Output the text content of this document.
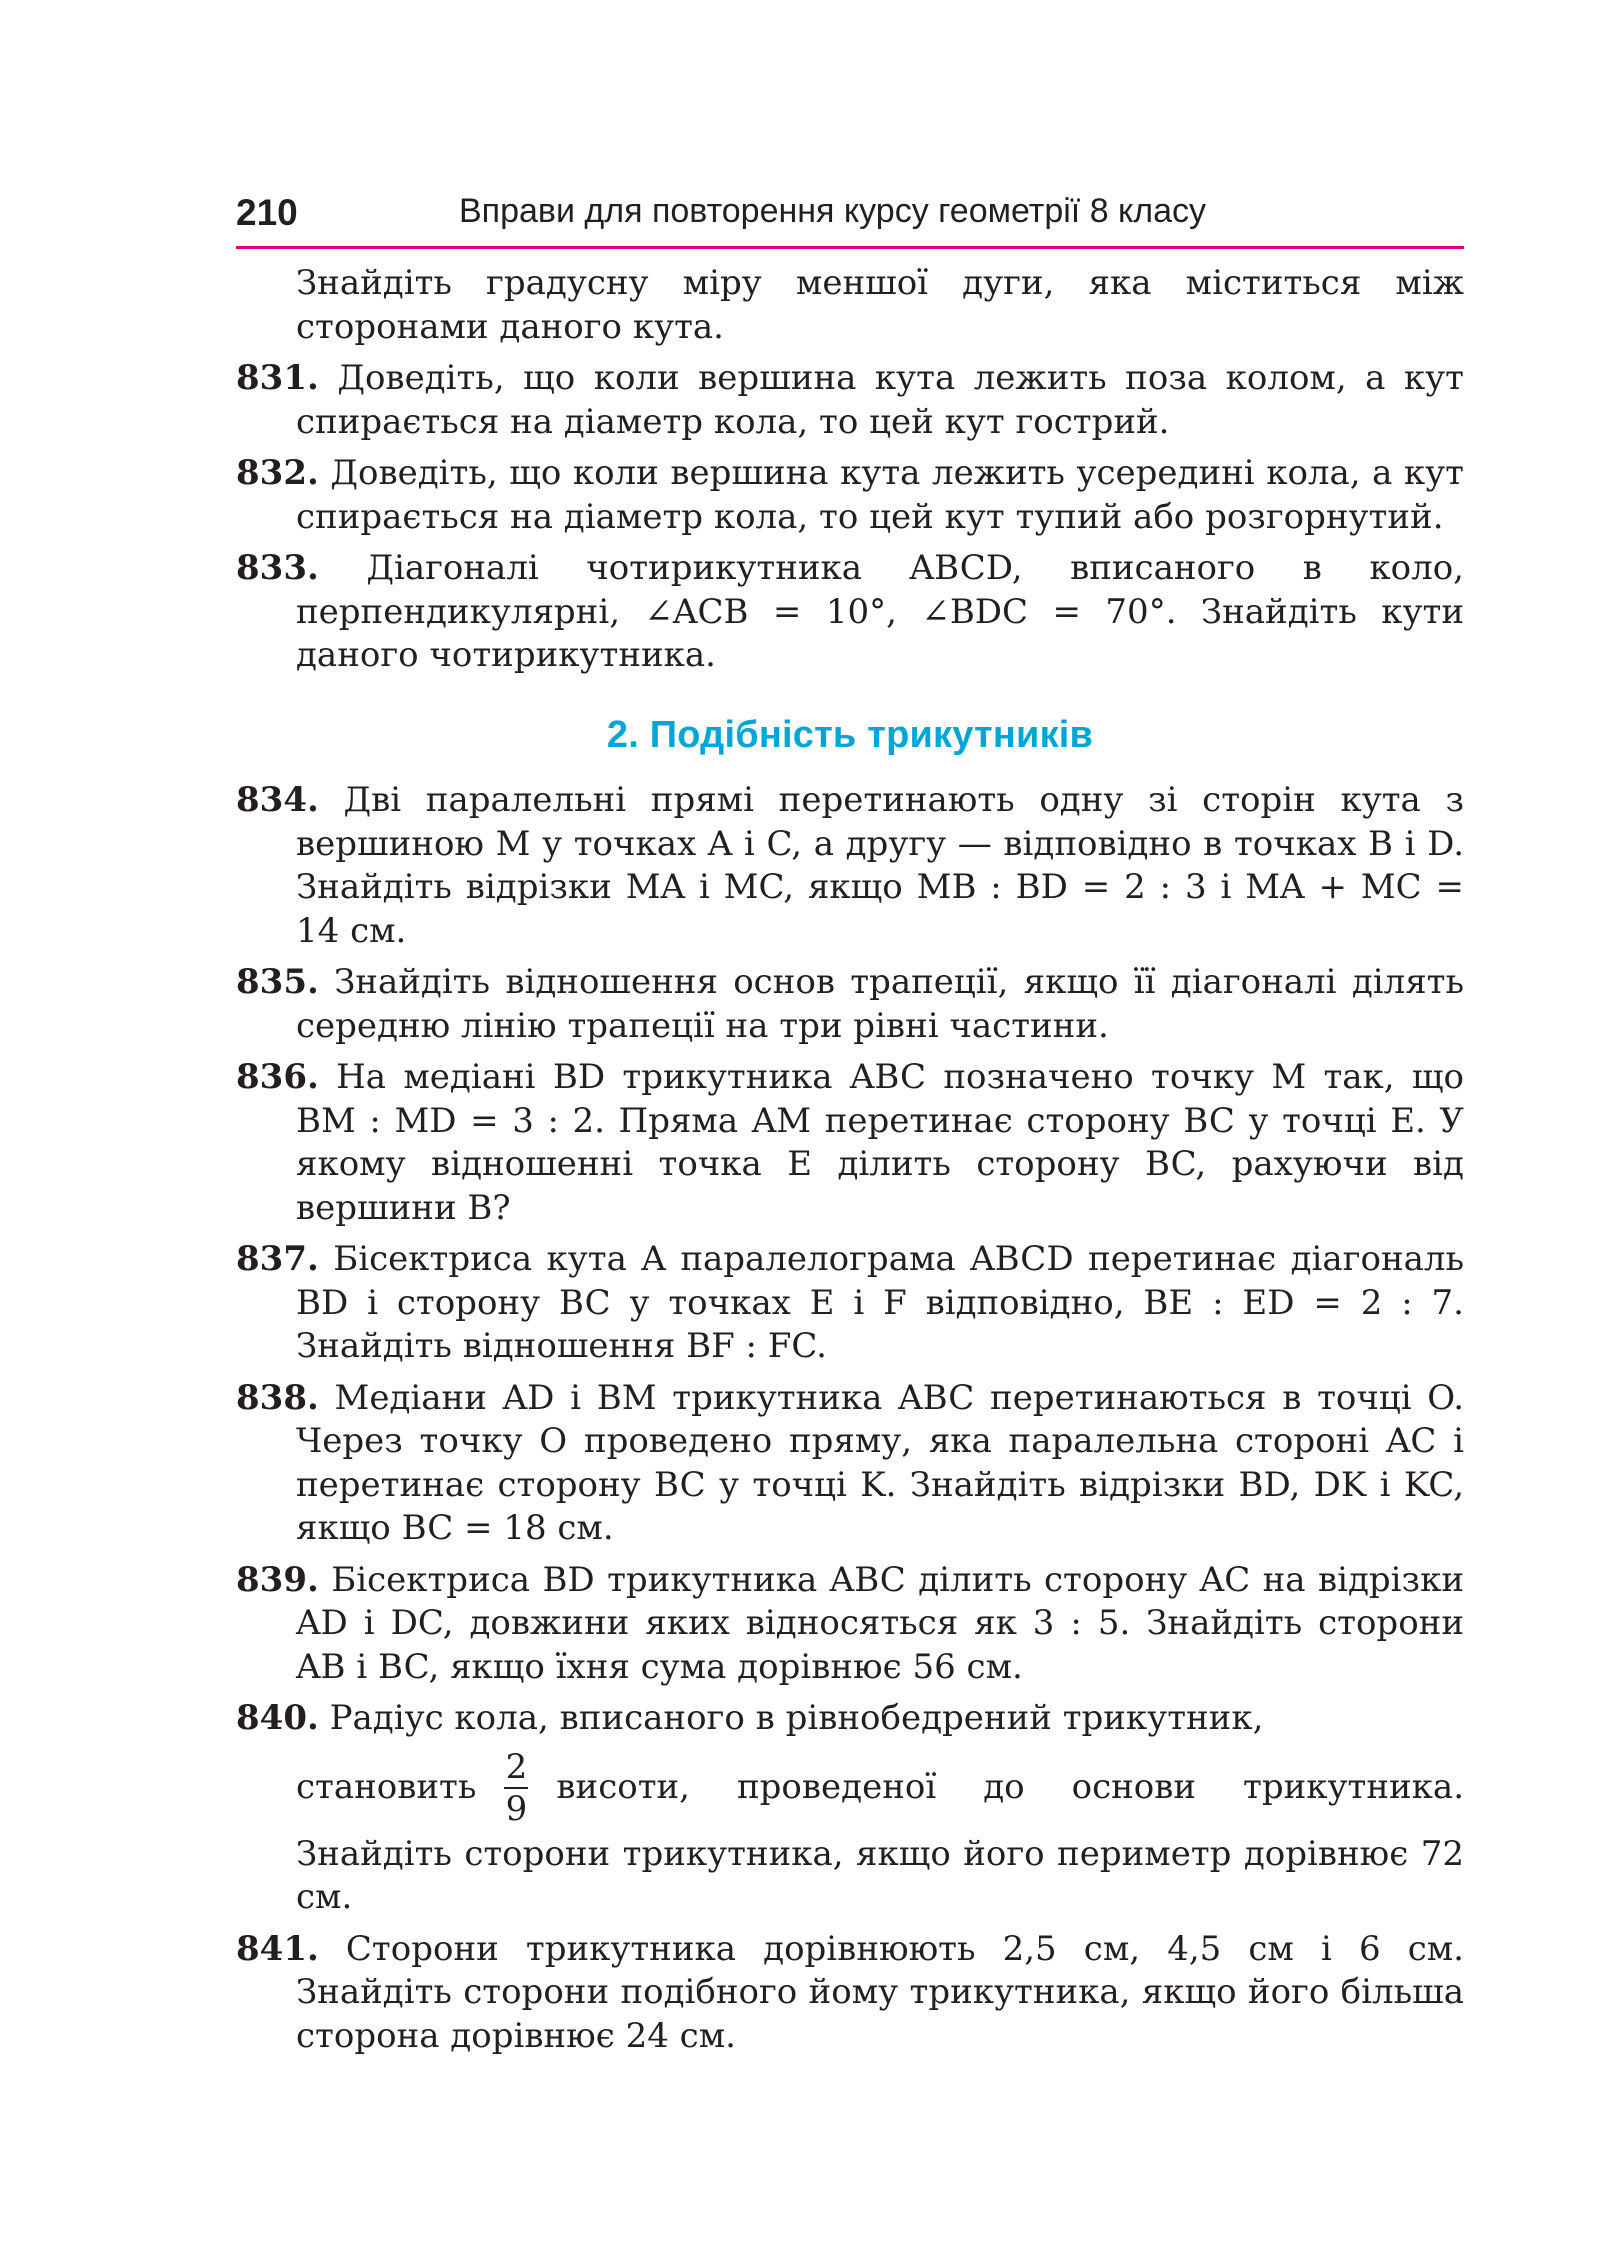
210	Вправи для повторення курсу геометрії 8 класу

Знайдіть градусну міру меншої дуги, яка міститься між сторонами даного кута.

831. Доведіть, що коли вершина кута лежить поза колом, а кут спирається на діаметр кола, то цей кут гострий.

832. Доведіть, що коли вершина кута лежить усередині кола, а кут спирається на діаметр кола, то цей кут тупий або розгорнутий.

833. Діагоналі чотирикутника ABCD, вписаного в коло, перпендикулярні, ∠ACB = 10°, ∠BDC = 70°. Знайдіть кути даного чотирикутника.

2. Подібність трикутників

834. Дві паралельні прямі перетинають одну зі сторін кута з вершиною M у точках A і C, а другу — відповідно в точках B і D. Знайдіть відрізки MA і MC, якщо MB : BD = 2 : 3 і MA + MC = 14 см.

835. Знайдіть відношення основ трапеції, якщо її діагоналі ділять середню лінію трапеції на три рівні частини.

836. На медіані BD трикутника ABC позначено точку M так, що BM : MD = 3 : 2. Пряма AM перетинає сторону BC у точці E. У якому відношенні точка E ділить сторону BC, рахуючи від вершини B?

837. Бісектриса кута A паралелограма ABCD перетинає діагональ BD і сторону BC у точках E і F відповідно, BE : ED = 2 : 7. Знайдіть відношення BF : FC.

838. Медіани AD і BM трикутника ABC перетинаються в точці O. Через точку O проведено пряму, яка паралельна стороні AC і перетинає сторону BC у точці K. Знайдіть відрізки BD, DK і KC, якщо BC = 18 см.

839. Бісектриса BD трикутника ABC ділить сторону AC на відрізки AD і DC, довжини яких відносяться як 3 : 5. Знайдіть сторони AB і BC, якщо їхня сума дорівнює 56 см.

840. Радіус кола, вписаного в рівнобедрений трикутник,

становить $\frac{2}{9}$ висоти, проведеної до основи трикутника.

Знайдіть сторони трикутника, якщо його периметр дорівнює 72 см.

841. Сторони трикутника дорівнюють 2,5 см, 4,5 см і 6 см. Знайдіть сторони подібного йому трикутника, якщо його більша сторона дорівнює 24 см.
